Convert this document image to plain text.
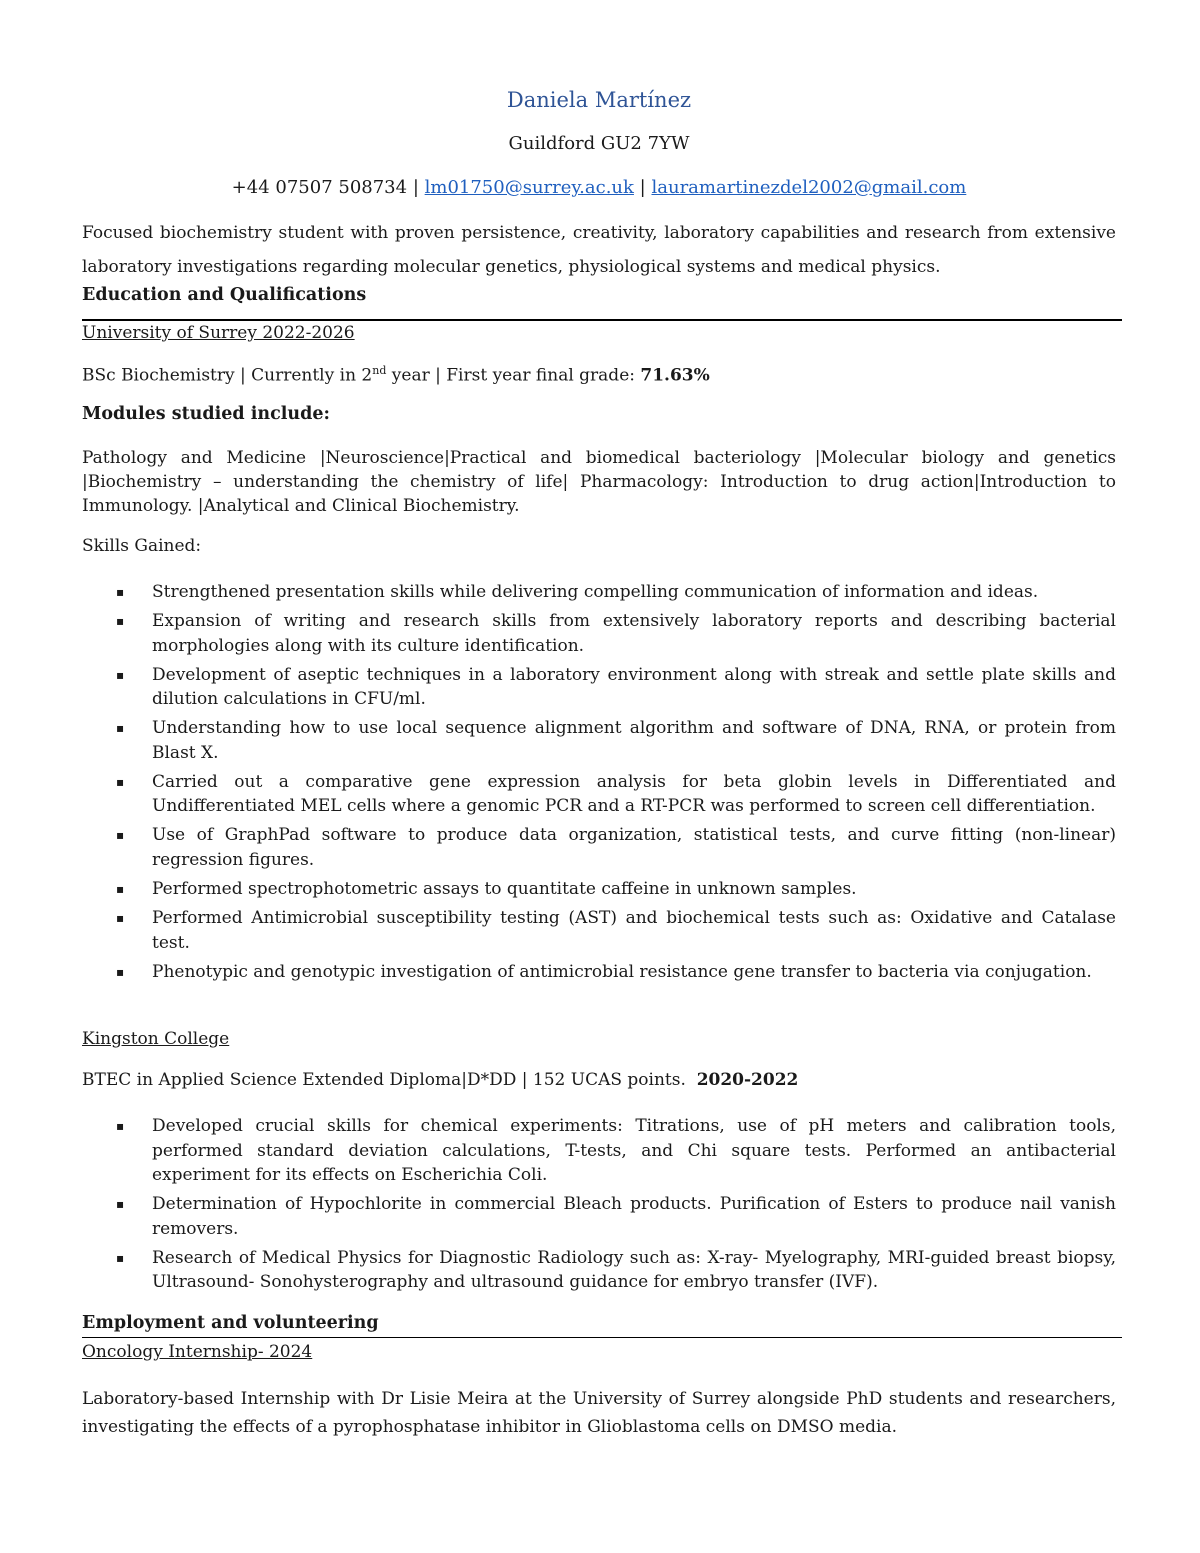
Daniela Martínez
Guildford GU2 7YW
+44 07507 508734 | lm01750@surrey.ac.uk | lauramartinezdel2002@gmail.com
Focused biochemistry student with proven persistence, creativity, laboratory capabilities and research from extensive laboratory investigations regarding molecular genetics, physiological systems and medical physics.
Education and Qualifications
University of Surrey 2022-2026
BSc Biochemistry | Currently in 2nd year | First year final grade: 71.63%
Modules studied include:
Pathology and Medicine |Neuroscience|Practical and biomedical bacteriology |Molecular biology and genetics |Biochemistry – understanding the chemistry of life| Pharmacology: Introduction to drug action|Introduction to Immunology. |Analytical and Clinical Biochemistry.
Skills Gained:
▪ Strengthened presentation skills while delivering compelling communication of information and ideas.
▪ Expansion of writing and research skills from extensively laboratory reports and describing bacterial morphologies along with its culture identification.
▪ Development of aseptic techniques in a laboratory environment along with streak and settle plate skills and dilution calculations in CFU/ml.
▪ Understanding how to use local sequence alignment algorithm and software of DNA, RNA, or protein from Blast X.
▪ Carried out a comparative gene expression analysis for beta globin levels in Differentiated and Undifferentiated MEL cells where a genomic PCR and a RT-PCR was performed to screen cell differentiation.
▪ Use of GraphPad software to produce data organization, statistical tests, and curve fitting (non-linear) regression figures.
▪ Performed spectrophotometric assays to quantitate caffeine in unknown samples.
▪ Performed Antimicrobial susceptibility testing (AST) and biochemical tests such as: Oxidative and Catalase test.
▪ Phenotypic and genotypic investigation of antimicrobial resistance gene transfer to bacteria via conjugation.
Kingston College
BTEC in Applied Science Extended Diploma|D*DD | 152 UCAS points. 2020-2022
▪ Developed crucial skills for chemical experiments: Titrations, use of pH meters and calibration tools, performed standard deviation calculations, T-tests, and Chi square tests. Performed an antibacterial experiment for its effects on Escherichia Coli.
▪ Determination of Hypochlorite in commercial Bleach products. Purification of Esters to produce nail vanish removers.
▪ Research of Medical Physics for Diagnostic Radiology such as: X-ray- Myelography, MRI-guided breast biopsy, Ultrasound- Sonohysterography and ultrasound guidance for embryo transfer (IVF).
Employment and volunteering
Oncology Internship- 2024
Laboratory-based Internship with Dr Lisie Meira at the University of Surrey alongside PhD students and researchers, investigating the effects of a pyrophosphatase inhibitor in Glioblastoma cells on DMSO media.
